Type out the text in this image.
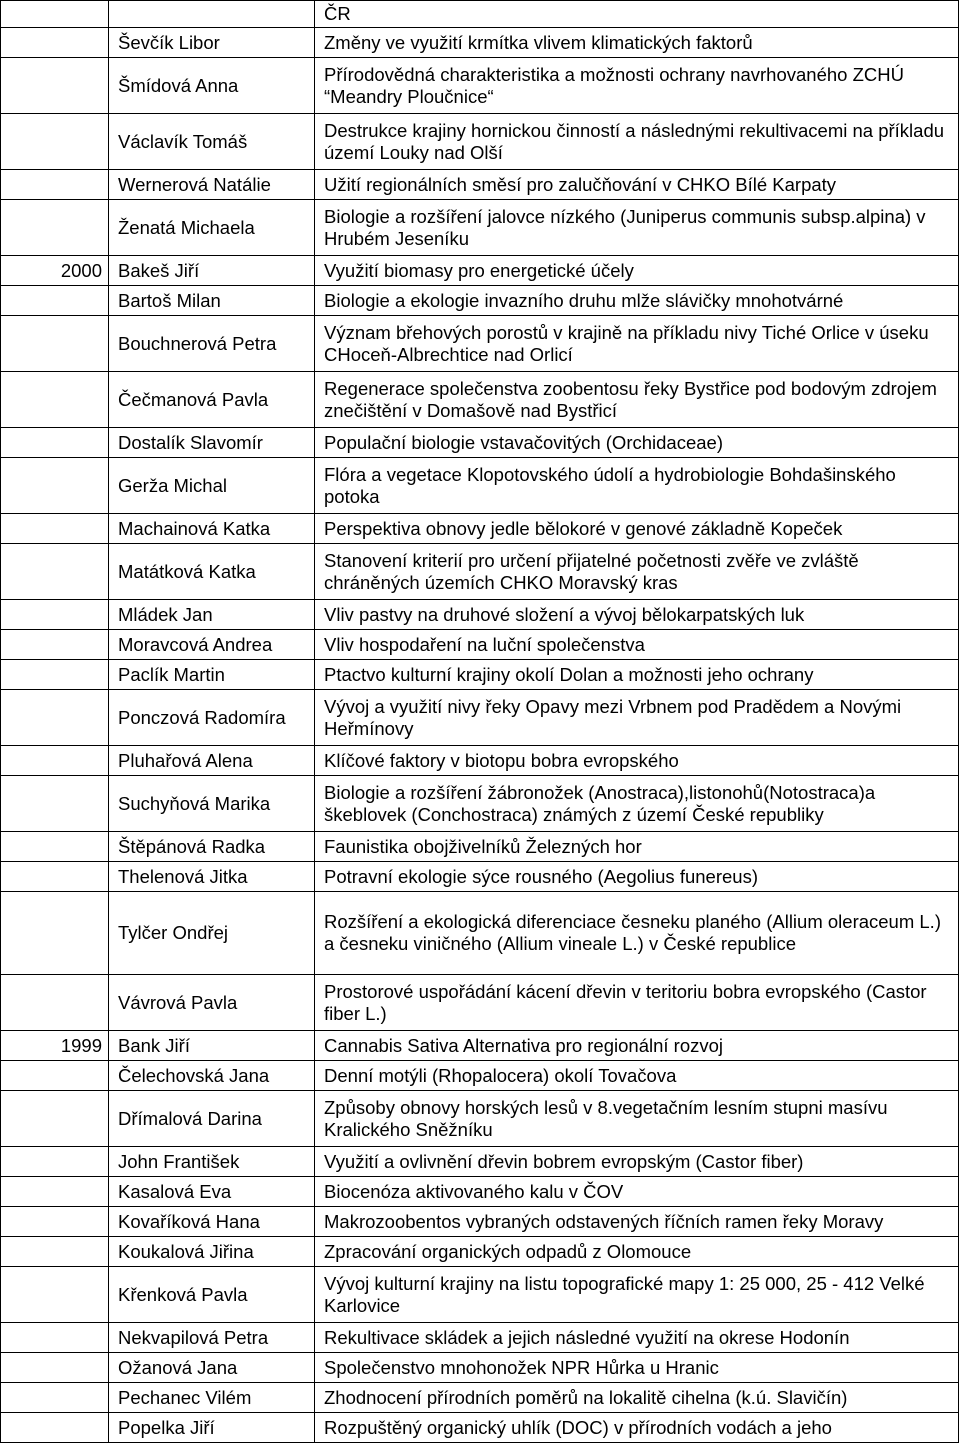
		ČR
	Ševčík Libor	Změny ve využití krmítka vlivem klimatických faktorů
	Šmídová Anna	Přírodovědná charakteristika a možnosti ochrany navrhovaného ZCHÚ “Meandry Ploučnice“
	Václavík Tomáš	Destrukce krajiny hornickou činností a následnými rekultivacemi na příkladu území Louky nad Olší
	Wernerová Natálie	Užití regionálních směsí pro zalučňování v CHKO Bílé Karpaty
	Ženatá Michaela	Biologie a rozšíření jalovce nízkého (Juniperus communis subsp.alpina) v Hrubém Jeseníku
2000	Bakeš Jiří	Využití biomasy pro energetické účely
	Bartoš Milan	Biologie a ekologie invazního druhu mlže slávičky mnohotvárné
	Bouchnerová Petra	Význam břehových porostů v krajině na příkladu nivy Tiché Orlice v úseku CHoceň-Albrechtice nad Orlicí
	Čečmanová Pavla	Regenerace společenstva zoobentosu řeky Bystřice pod bodovým zdrojem znečištění v Domašově nad Bystřicí
	Dostalík Slavomír	Populační biologie vstavačovitých (Orchidaceae)
	Gerža Michal	Flóra a vegetace Klopotovského údolí a hydrobiologie Bohdašinského potoka
	Machainová Katka	Perspektiva obnovy jedle bělokoré v genové základně Kopeček
	Matátková Katka	Stanovení kriterií pro určení přijatelné početnosti zvěře ve zvláště chráněných územích CHKO Moravský kras
	Mládek Jan	Vliv pastvy na druhové složení a vývoj bělokarpatských luk
	Moravcová Andrea	Vliv hospodaření na luční společenstva
	Paclík Martin	Ptactvo kulturní krajiny okolí Dolan a možnosti jeho ochrany
	Ponczová Radomíra	Vývoj a využití nivy řeky Opavy mezi Vrbnem pod Pradědem a Novými Heřmínovy
	Pluhařová Alena	Klíčové faktory v biotopu bobra evropského
	Suchyňová Marika	Biologie a rozšíření žábronožek (Anostraca),listonohů(Notostraca)a škeblovek (Conchostraca) známých z území České republiky
	Štěpánová Radka	Faunistika obojživelníků Železných hor
	Thelenová Jitka	Potravní ekologie sýce rousného (Aegolius funereus)
	Tylčer Ondřej	Rozšíření a ekologická diferenciace česneku planého (Allium oleraceum L.) a česneku viničného (Allium vineale L.) v České republice
	Vávrová Pavla	Prostorové uspořádání kácení dřevin v teritoriu bobra evropského (Castor fiber L.)
1999	Bank Jiří	Cannabis Sativa Alternativa pro regionální rozvoj
	Čelechovská Jana	Denní motýli (Rhopalocera) okolí Tovačova
	Dřímalová Darina	Způsoby obnovy horských lesů v 8.vegetačním lesním stupni masívu Kralického Sněžníku
	John František	Využití a ovlivnění dřevin bobrem evropským (Castor fiber)
	Kasalová Eva	Biocenóza aktivovaného kalu v ČOV
	Kovaříková Hana	Makrozoobentos vybraných odstavených říčních ramen řeky Moravy
	Koukalová Jiřina	Zpracování organických odpadů z Olomouce
	Křenková Pavla	Vývoj kulturní krajiny na listu topografické mapy 1: 25 000, 25 - 412 Velké Karlovice
	Nekvapilová Petra	Rekultivace skládek a jejich následné využití na okrese Hodonín
	Ožanová Jana	Společenstvo mnohonožek NPR Hůrka u Hranic
	Pechanec Vilém	Zhodnocení přírodních poměrů na lokalitě cihelna (k.ú. Slavičín)
	Popelka Jiří	Rozpuštěný organický uhlík (DOC) v přírodních vodách a jeho
